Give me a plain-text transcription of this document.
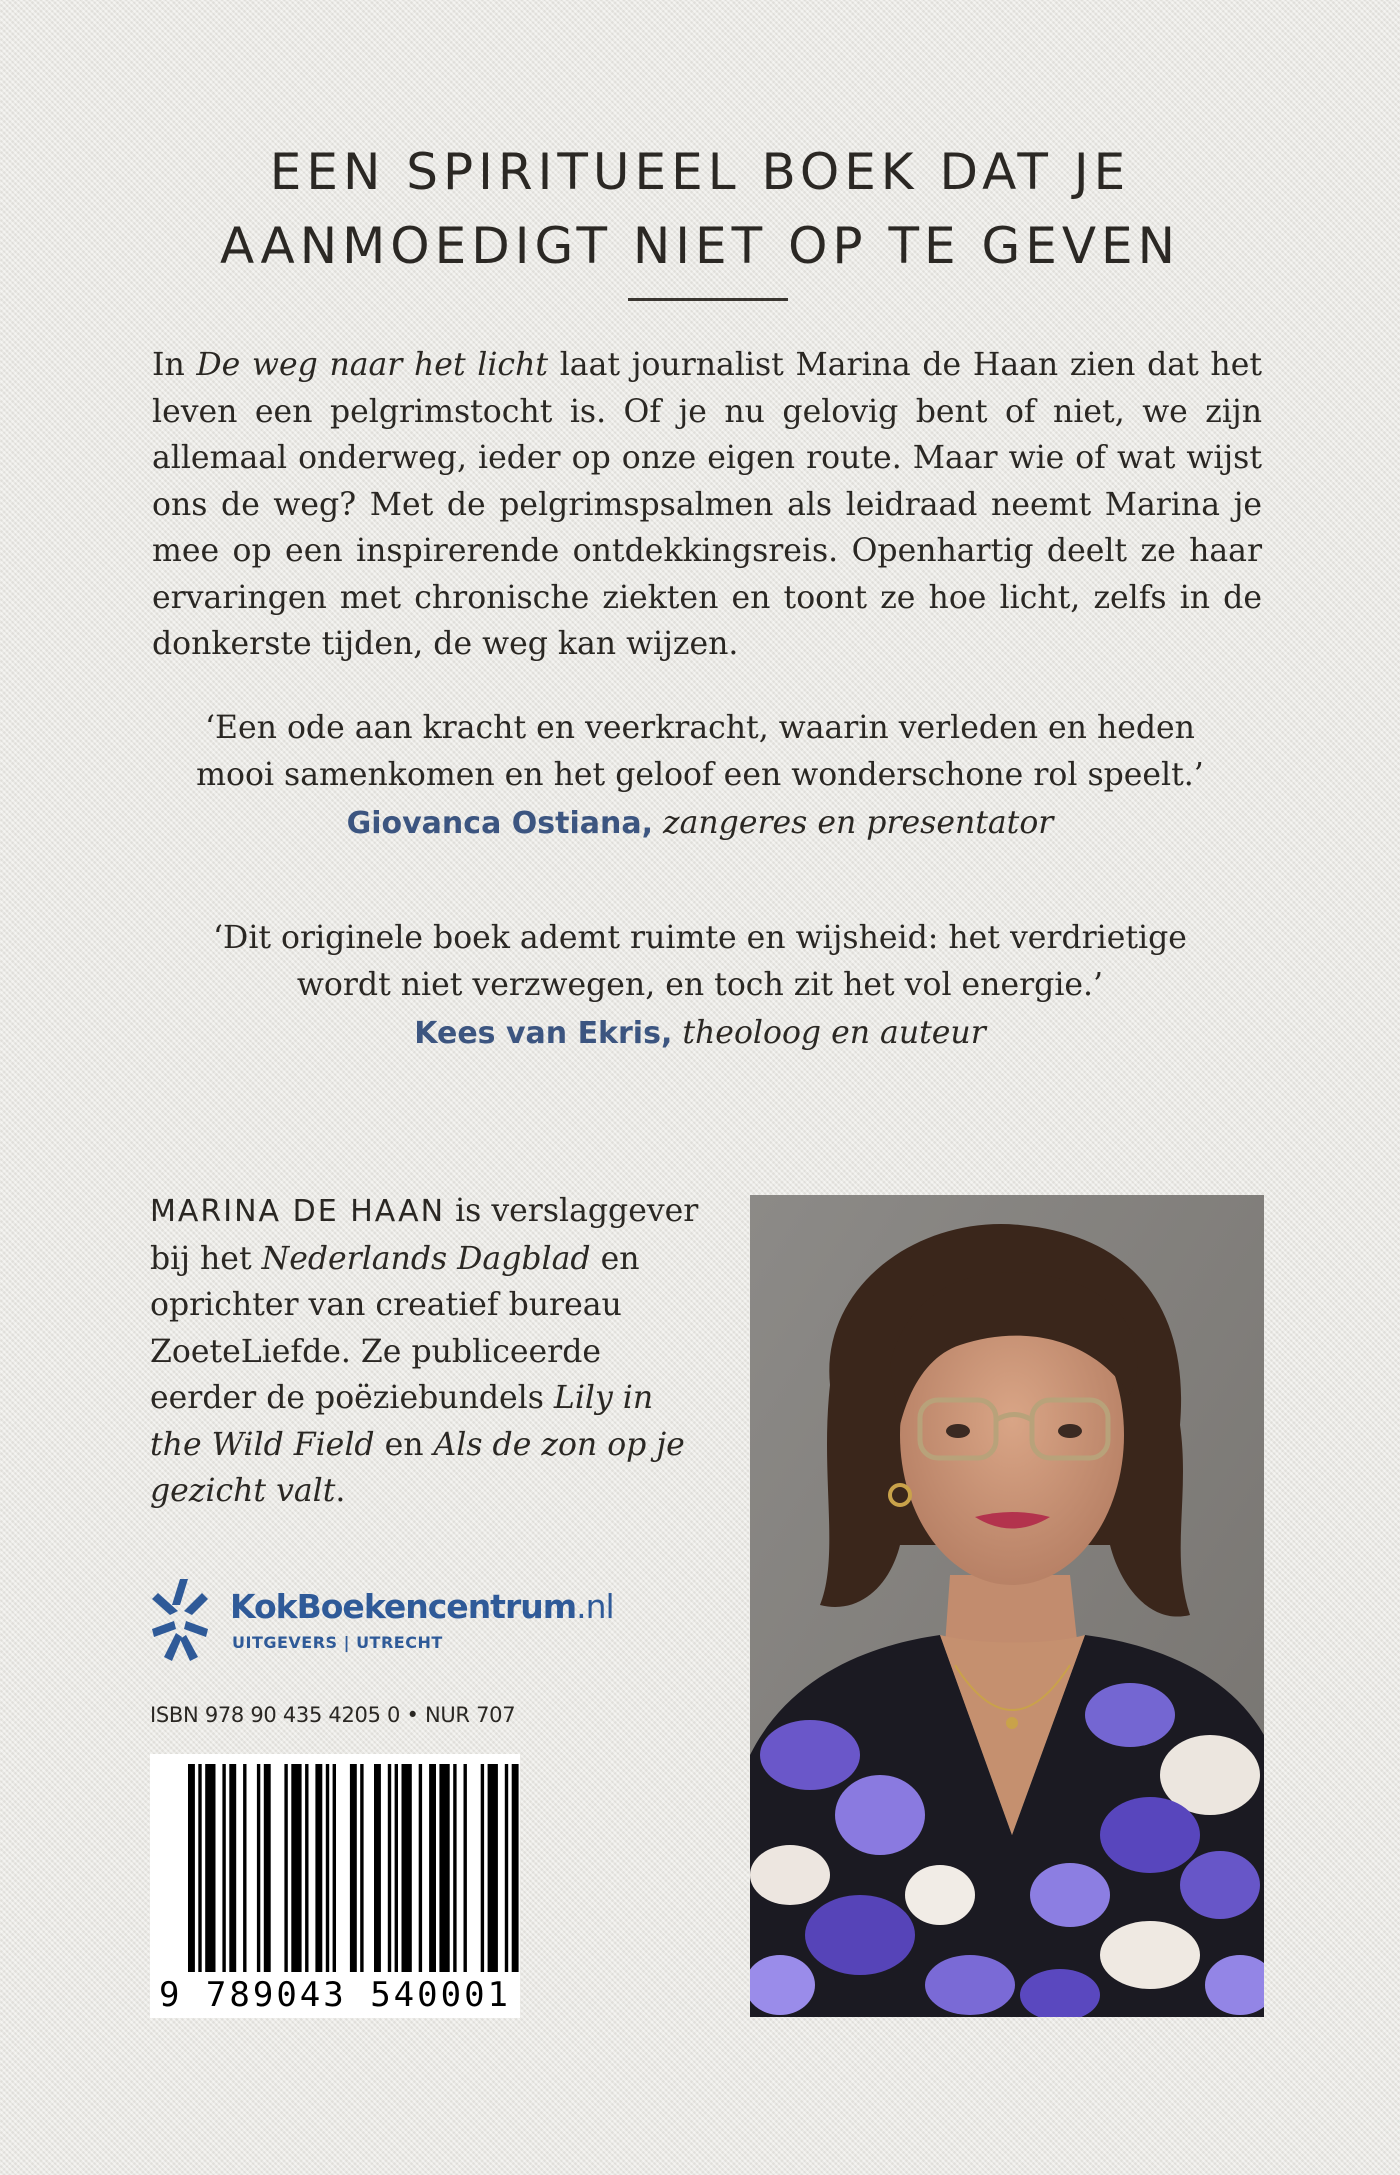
EEN SPIRITUEEL BOEK DAT JE
AANMOEDIGT NIET OP TE GEVEN

In De weg naar het licht laat journalist Marina de Haan zien dat het leven een pelgrimstocht is. Of je nu gelovig bent of niet, we zijn allemaal onderweg, ieder op onze eigen route. Maar wie of wat wijst ons de weg? Met de pelgrimspsalmen als leidraad neemt Marina je mee op een inspirerende ontdekkingsreis. Openhartig deelt ze haar ervaringen met chronische ziekten en toont ze hoe licht, zelfs in de donkerste tijden, de weg kan wijzen.

‘Een ode aan kracht en veerkracht, waarin verleden en heden
mooi samenkomen en het geloof een wonderschone rol speelt.’
Giovanca Ostiana, zangeres en presentator

‘Dit originele boek ademt ruimte en wijsheid: het verdrietige
wordt niet verzwegen, en toch zit het vol energie.’
Kees van Ekris, theoloog en auteur

MARINA DE HAAN is verslaggever bij het Nederlands Dagblad en oprichter van creatief bureau ZoeteLiefde. Ze publiceerde eerder de poëziebundels Lily in the Wild Field en Als de zon op je gezicht valt.

KokBoekencentrum.nl
UITGEVERS | UTRECHT
ISBN 978 90 435 4205 0 • NUR 707
9 789043 540001
